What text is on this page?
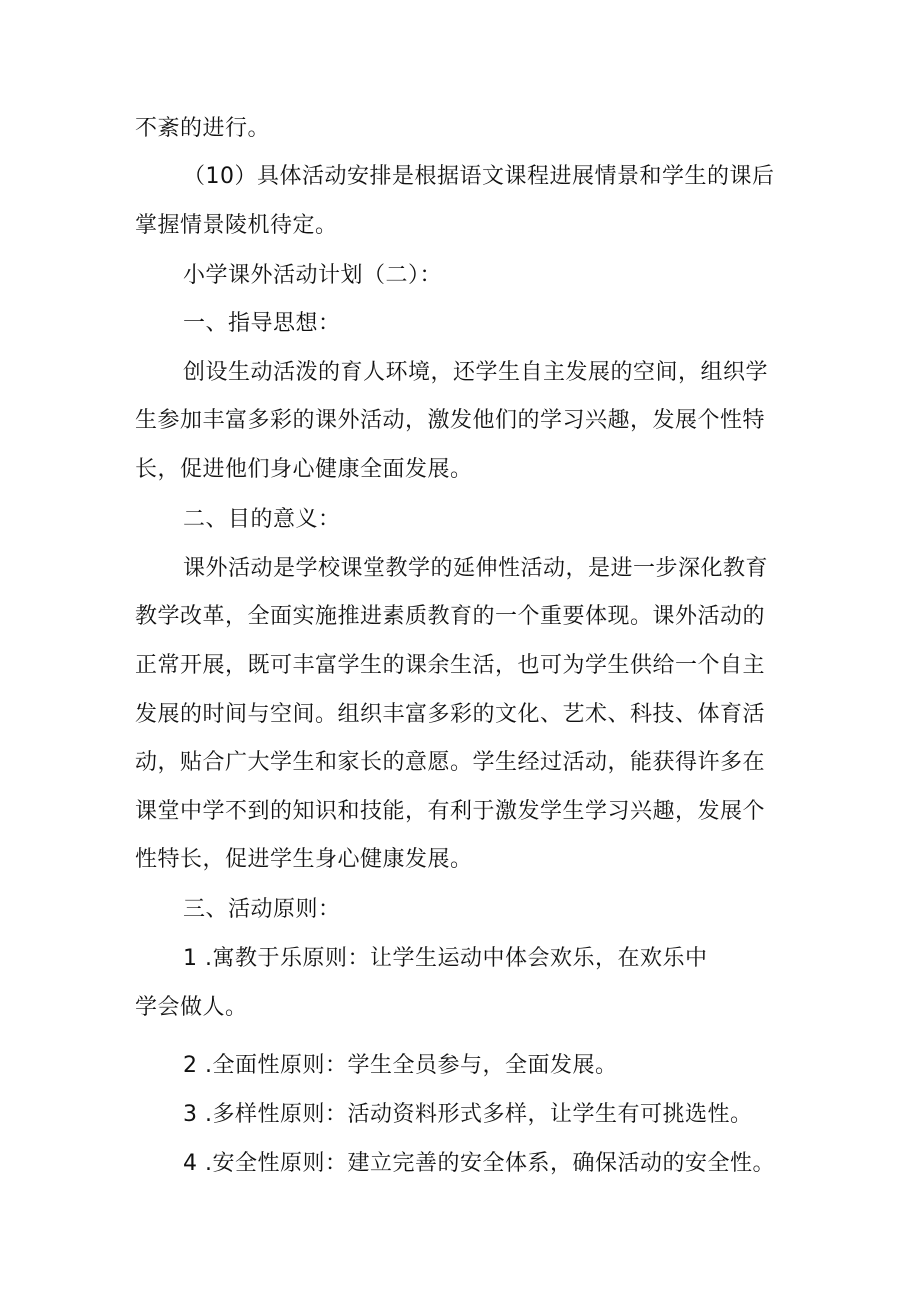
不紊的进行。
（10）具体活动安排是根据语文课程进展情景和学生的课后
掌握情景陵机待定。
小学课外活动计划（二）：
一、指导思想：
创设生动活泼的育人环境，还学生自主发展的空间，组织学
生参加丰富多彩的课外活动，激发他们的学习兴趣，发展个性特
长，促进他们身心健康全面发展。
二、目的意义：
课外活动是学校课堂教学的延伸性活动，是进一步深化教育
教学改革，全面实施推进素质教育的一个重要体现。课外活动的
正常开展，既可丰富学生的课余生活，也可为学生供给一个自主
发展的时间与空间。组织丰富多彩的文化、艺术、科技、体育活
动，贴合广大学生和家长的意愿。学生经过活动，能获得许多在
课堂中学不到的知识和技能，有利于激发学生学习兴趣，发展个
性特长，促进学生身心健康发展。
三、活动原则：
1 .寓教于乐原则：让学生运动中体会欢乐，在欢乐中
学会做人。
2 .全面性原则：学生全员参与，全面发展。
3 .多样性原则：活动资料形式多样，让学生有可挑选性。
4 .安全性原则：建立完善的安全体系，确保活动的安全性。
